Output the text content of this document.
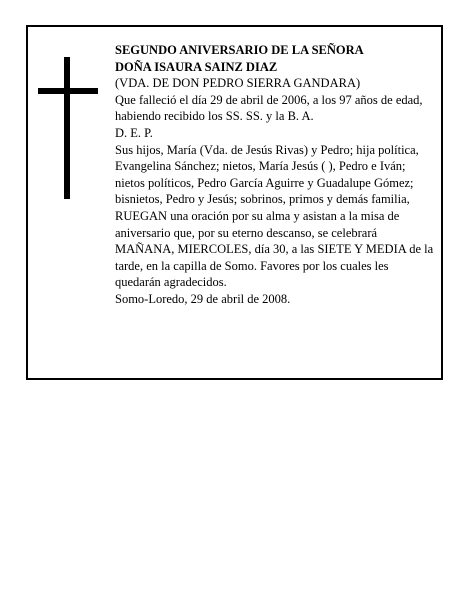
SEGUNDO ANIVERSARIO DE LA SEÑORA

DOÑA ISAURA SAINZ DIAZ

(VDA. DE DON PEDRO SIERRA GANDARA)

Que falleció el día 29 de abril de 2006, a los 97 años de edad, habiendo recibido los SS. SS. y la B. A.

D. E. P.

Sus hijos, María (Vda. de Jesús Rivas) y Pedro; hija política, Evangelina Sánchez; nietos, María Jesús ( ), Pedro e Iván; nietos políticos, Pedro García Aguirre y Guadalupe Gómez; bisnietos, Pedro y Jesús; sobrinos, primos y demás familia,

RUEGAN una oración por su alma y asistan a la misa de aniversario que, por su eterno descanso, se celebrará MAÑANA, MIERCOLES, día 30, a las SIETE Y MEDIA de la tarde, en la capilla de Somo. Favores por los cuales les quedarán agradecidos.

Somo-Loredo, 29 de abril de 2008.
